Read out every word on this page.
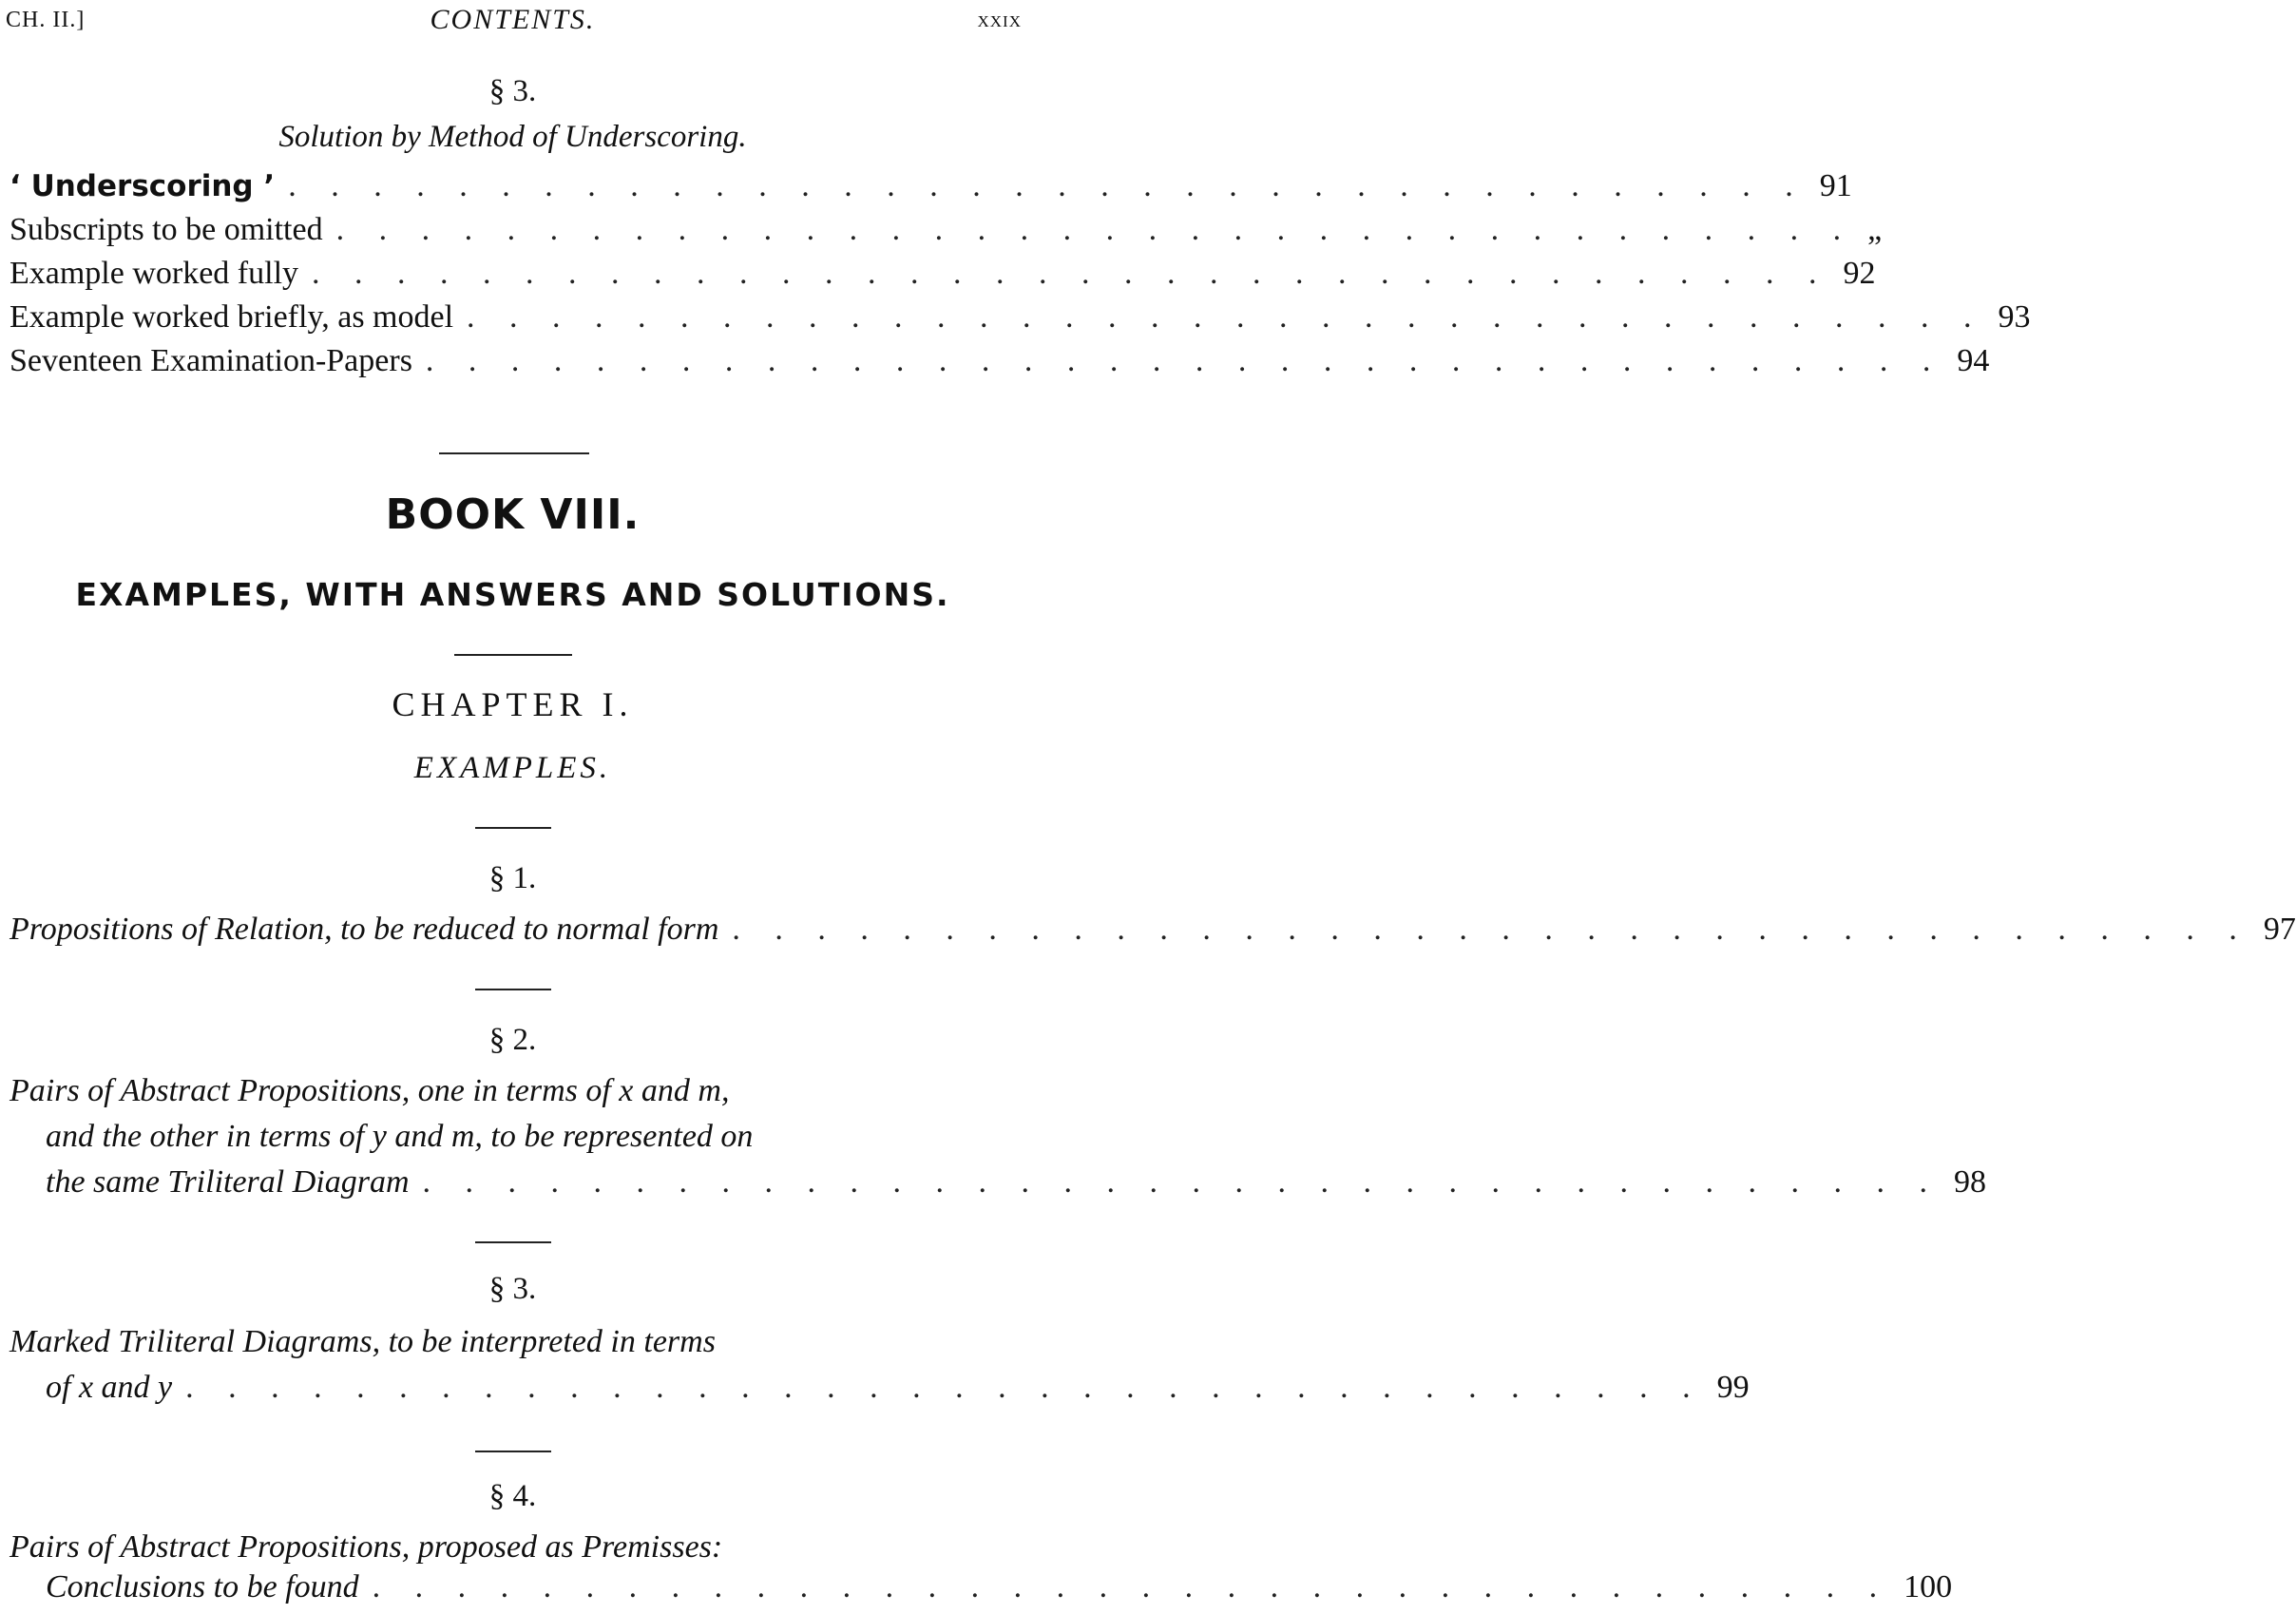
CH. II.]	CONTENTS.	xxix
§ 3.
Solution by Method of Underscoring.
‘ Underscoring ’ . . . . . . . . . . . . . . . . . . . . . . . . . . . . . . . . . . . . 91
Subscripts to be omitted . . . . . . . . . . . . . . . . . . . . . . . . . . . . . . . . . . . . „
Example worked fully . . . . . . . . . . . . . . . . . . . . . . . . . . . . . . . . . . . . 92
Example worked briefly, as model . . . . . . . . . . . . . . . . . . . . . . . . . . . . . . . . . . . . 93
Seventeen Examination-Papers . . . . . . . . . . . . . . . . . . . . . . . . . . . . . . . . . . . . 94
BOOK VIII.
EXAMPLES, WITH ANSWERS AND SOLUTIONS.
CHAPTER I.
EXAMPLES.
§ 1.
Propositions of Relation, to be reduced to normal form . . . . . . . . . . . . . . . . . . . . . . . . . . . . . . . . . . . . 97
§ 2.
Pairs of Abstract Propositions, one in terms of x and m,
and the other in terms of y and m, to be represented on
the same Triliteral Diagram . . . . . . . . . . . . . . . . . . . . . . . . . . . . . . . . . . . . 98
§ 3.
Marked Triliteral Diagrams, to be interpreted in terms
of x and y . . . . . . . . . . . . . . . . . . . . . . . . . . . . . . . . . . . . 99
§ 4.
Pairs of Abstract Propositions, proposed as Premisses:
Conclusions to be found . . . . . . . . . . . . . . . . . . . . . . . . . . . . . . . . . . . . 100
